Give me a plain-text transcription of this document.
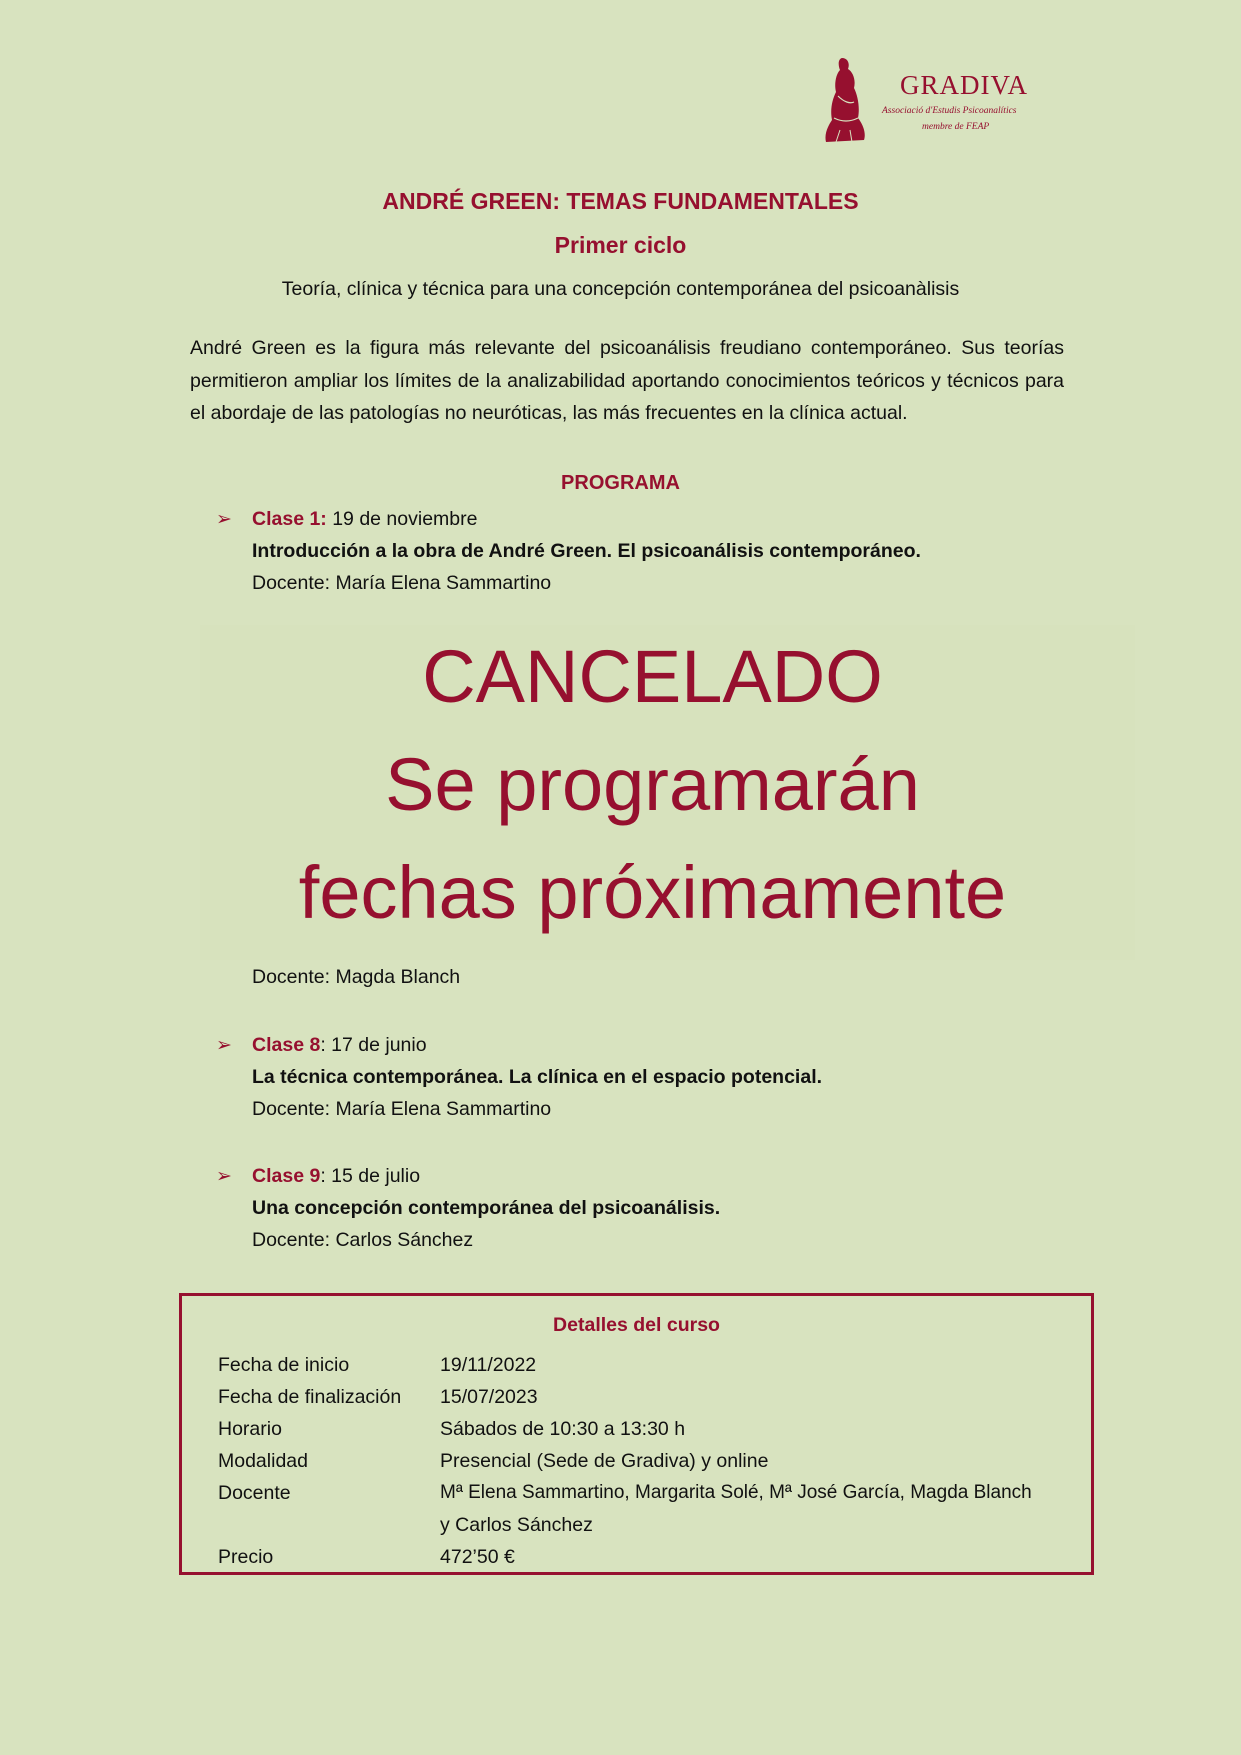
GRADIVA
Associació d'Estudis Psicoanalítics
membre de FEAP
ANDRÉ GREEN: TEMAS FUNDAMENTALES
Primer ciclo
Teoría, clínica y técnica para una concepción contemporánea del psicoanàlisis
André Green es la figura más relevante del psicoanálisis freudiano contemporáneo. Sus teorías permitieron ampliar los límites de la analizabilidad aportando conocimientos teóricos y técnicos para el abordaje de las patologías no neuróticas, las más frecuentes en la clínica actual.
PROGRAMA
➢ Clase 1: 19 de noviembre
Introducción a la obra de André Green. El psicoanálisis contemporáneo.
Docente: María Elena Sammartino
CANCELADO
Se programarán
fechas próximamente
Docente: Magda Blanch
➢ Clase 8: 17 de junio
La técnica contemporánea. La clínica en el espacio potencial.
Docente: María Elena Sammartino
➢ Clase 9: 15 de julio
Una concepción contemporánea del psicoanálisis.
Docente: Carlos Sánchez
Detalles del curso
Fecha de inicio	19/11/2022
Fecha de finalización 15/07/2023
Horario	Sábados de 10:30 a 13:30 h
Modalidad	Presencial (Sede de Gradiva) y online
Docente	Mª Elena Sammartino, Margarita Solé, Mª José García, Magda Blanch
y Carlos Sánchez
Precio	472’50 €
